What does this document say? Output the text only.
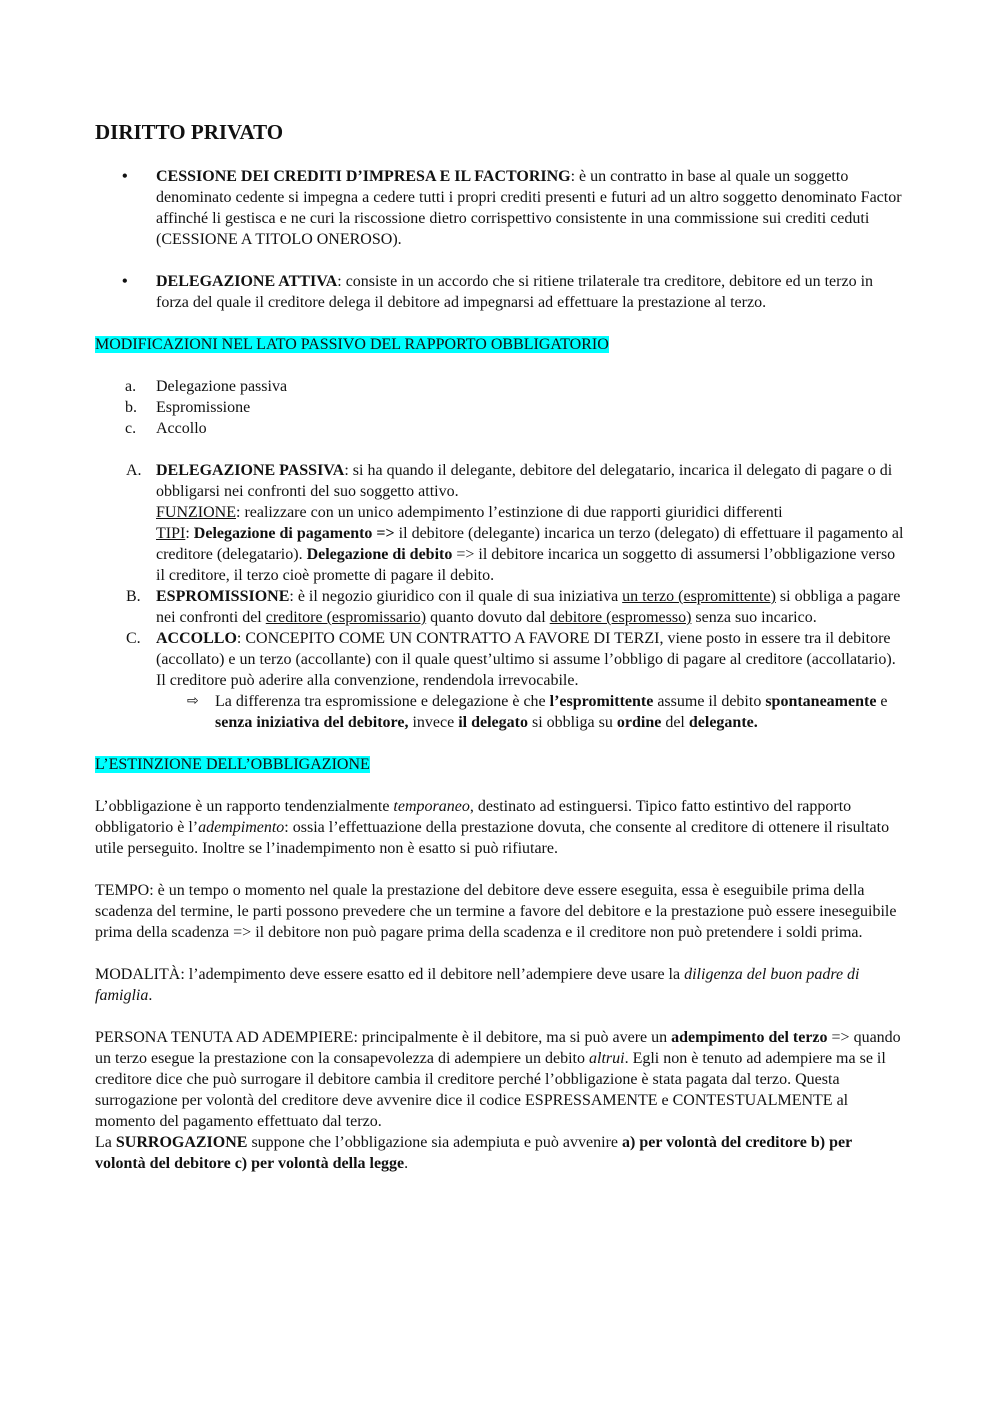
DIRITTO PRIVATO
• CESSIONE DEI CREDITI D’IMPRESA E IL FACTORING: è un contratto in base al quale un soggetto denominato cedente si impegna a cedere tutti i propri crediti presenti e futuri ad un altro soggetto denominato Factor affinché li gestisca e ne curi la riscossione dietro corrispettivo consistente in una commissione sui crediti ceduti (CESSIONE A TITOLO ONEROSO).
• DELEGAZIONE ATTIVA: consiste in un accordo che si ritiene trilaterale tra creditore, debitore ed un terzo in forza del quale il creditore delega il debitore ad impegnarsi ad effettuare la prestazione al terzo.
MODIFICAZIONI NEL LATO PASSIVO DEL RAPPORTO OBBLIGATORIO
a. Delegazione passiva
b. Espromissione
c. Accollo
A. DELEGAZIONE PASSIVA: si ha quando il delegante, debitore del delegatario, incarica il delegato di pagare o di obbligarsi nei confronti del suo soggetto attivo.
FUNZIONE: realizzare con un unico adempimento l’estinzione di due rapporti giuridici differenti
TIPI: Delegazione di pagamento => il debitore (delegante) incarica un terzo (delegato) di effettuare il pagamento al creditore (delegatario). Delegazione di debito => il debitore incarica un soggetto di assumersi l’obbligazione verso il creditore, il terzo cioè promette di pagare il debito.
B. ESPROMISSIONE: è il negozio giuridico con il quale di sua iniziativa un terzo (espromittente) si obbliga a pagare nei confronti del creditore (espromissario) quanto dovuto dal debitore (espromesso) senza suo incarico.
C. ACCOLLO: CONCEPITO COME UN CONTRATTO A FAVORE DI TERZI, viene posto in essere tra il debitore (accollato) e un terzo (accollante) con il quale quest’ultimo si assume l’obbligo di pagare al creditore (accollatario). Il creditore può aderire alla convenzione, rendendola irrevocabile.
⇨ La differenza tra espromissione e delegazione è che l’espromittente assume il debito spontaneamente e senza iniziativa del debitore, invece il delegato si obbliga su ordine del delegante.
L’ESTINZIONE DELL’OBBLIGAZIONE

L’obbligazione è un rapporto tendenzialmente temporaneo, destinato ad estinguersi. Tipico fatto estintivo del rapporto obbligatorio è l’adempimento: ossia l’effettuazione della prestazione dovuta, che consente al creditore di ottenere il risultato utile perseguito. Inoltre se l’inadempimento non è esatto si può rifiutare.

TEMPO: è un tempo o momento nel quale la prestazione del debitore deve essere eseguita, essa è eseguibile prima della scadenza del termine, le parti possono prevedere che un termine a favore del debitore e la prestazione può essere ineseguibile prima della scadenza => il debitore non può pagare prima della scadenza e il creditore non può pretendere i soldi prima.

MODALITÀ: l’adempimento deve essere esatto ed il debitore nell’adempiere deve usare la diligenza del buon padre di famiglia.

PERSONA TENUTA AD ADEMPIERE: principalmente è il debitore, ma si può avere un adempimento del terzo => quando un terzo esegue la prestazione con la consapevolezza di adempiere un debito altrui. Egli non è tenuto ad adempiere ma se il creditore dice che può surrogare il debitore cambia il creditore perché l’obbligazione è stata pagata dal terzo. Questa surrogazione per volontà del creditore deve avvenire dice il codice ESPRESSAMENTE e CONTESTUALMENTE al momento del pagamento effettuato dal terzo.
La SURROGAZIONE suppone che l’obbligazione sia adempiuta e può avvenire a) per volontà del creditore b) per volontà del debitore c) per volontà della legge.
